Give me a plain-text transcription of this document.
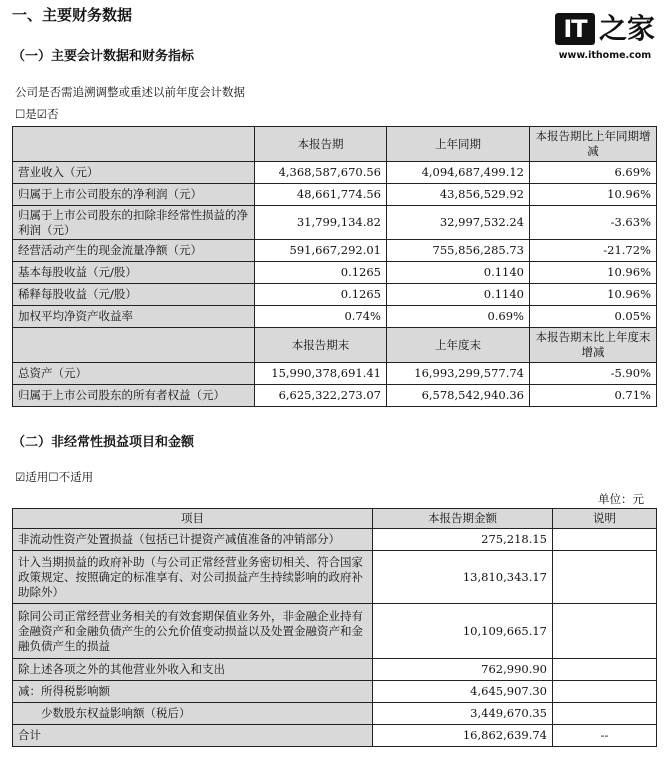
一、主要财务数据	IT 之家
www.ithome.com
（一）主要会计数据和财务指标
公司是否需追溯调整或重述以前年度会计数据
☐是☑否
	本报告期	上年同期	本报告期比上年同期增减
营业收入（元）	4,368,587,670.56	4,094,687,499.12	6.69%
归属于上市公司股东的净利润（元）	48,661,774.56	43,856,529.92	10.96%
归属于上市公司股东的扣除非经常性损益的净利润（元）	31,799,134.82	32,997,532.24	-3.63%
经营活动产生的现金流量净额（元）	591,667,292.01	755,856,285.73	-21.72%
基本每股收益（元/股）	0.1265	0.1140	10.96%
稀释每股收益（元/股）	0.1265	0.1140	10.96%
加权平均净资产收益率	0.74%	0.69%	0.05%
	本报告期末	上年度末	本报告期末比上年度末增减
总资产（元）	15,990,378,691.41	16,993,299,577.74	-5.90%
归属于上市公司股东的所有者权益（元）	6,625,322,273.07	6,578,542,940.36	0.71%
（二）非经常性损益项目和金额
☑适用☐不适用
单位：元
项目	本报告期金额	说明
非流动性资产处置损益（包括已计提资产减值准备的冲销部分）	275,218.15	
计入当期损益的政府补助（与公司正常经营业务密切相关、符合国家政策规定、按照确定的标准享有、对公司损益产生持续影响的政府补助除外）	13,810,343.17	
除同公司正常经营业务相关的有效套期保值业务外，非金融企业持有金融资产和金融负债产生的公允价值变动损益以及处置金融资产和金融负债产生的损益	10,109,665.17	
除上述各项之外的其他营业外收入和支出	762,990.90	
减：所得税影响额	4,645,907.30	
少数股东权益影响额（税后）	3,449,670.35	
合计	16,862,639.74	--
